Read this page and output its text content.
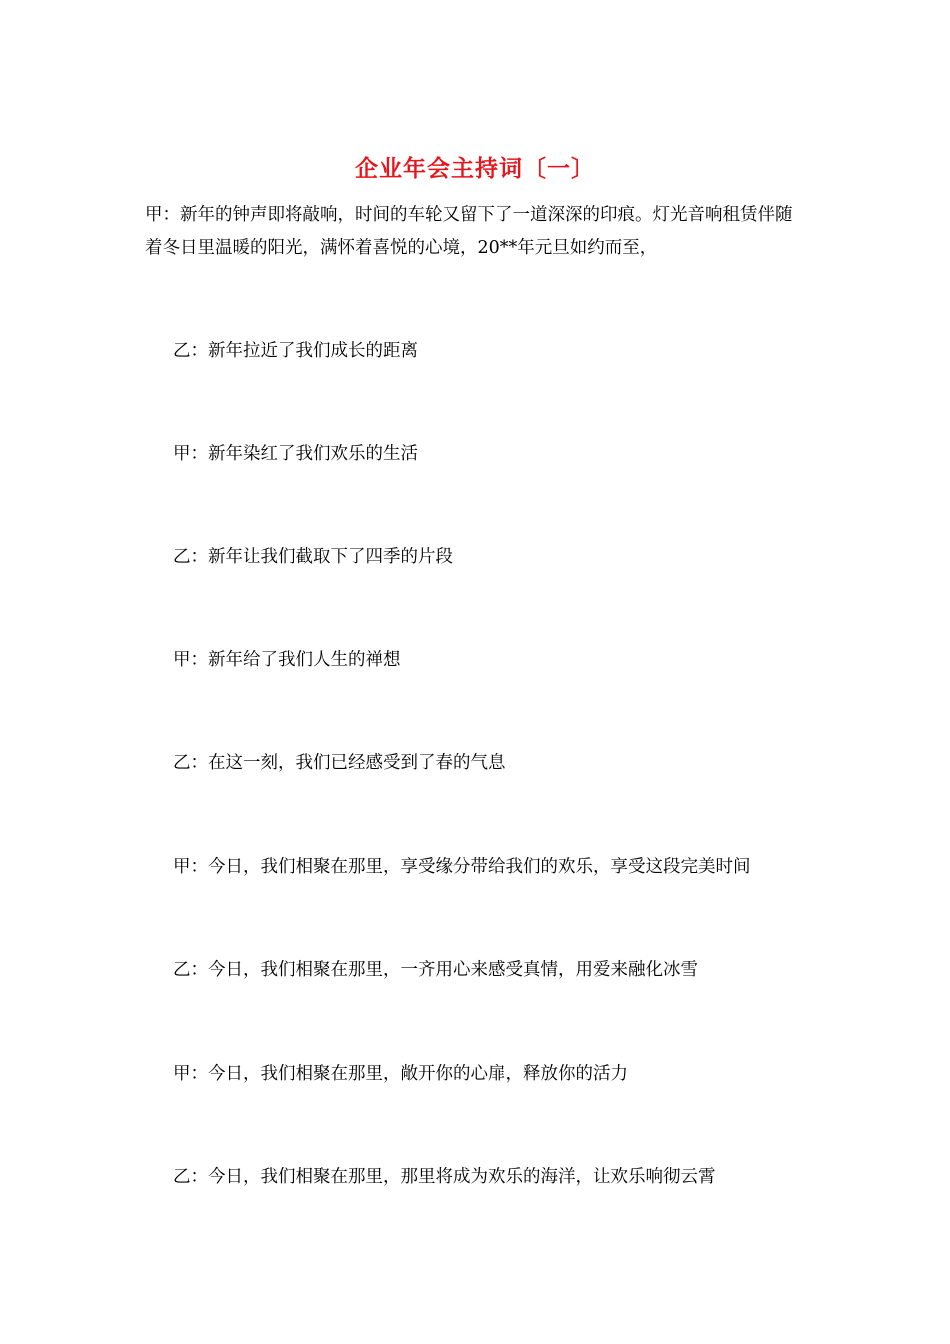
企业年会主持词〔一〕

甲：新年的钟声即将敲响，时间的车轮又留下了一道深深的印痕。灯光音响租赁伴随着冬日里温暖的阳光，满怀着喜悦的心境，20**年元旦如约而至，

乙：新年拉近了我们成长的距离

甲：新年染红了我们欢乐的生活

乙：新年让我们截取下了四季的片段

甲：新年给了我们人生的禅想

乙：在这一刻，我们已经感受到了春的气息

甲：今日，我们相聚在那里，享受缘分带给我们的欢乐，享受这段完美时间

乙：今日，我们相聚在那里，一齐用心来感受真情，用爱来融化冰雪

甲：今日，我们相聚在那里，敞开你的心扉，释放你的活力

乙：今日，我们相聚在那里，那里将成为欢乐的海洋，让欢乐响彻云霄
